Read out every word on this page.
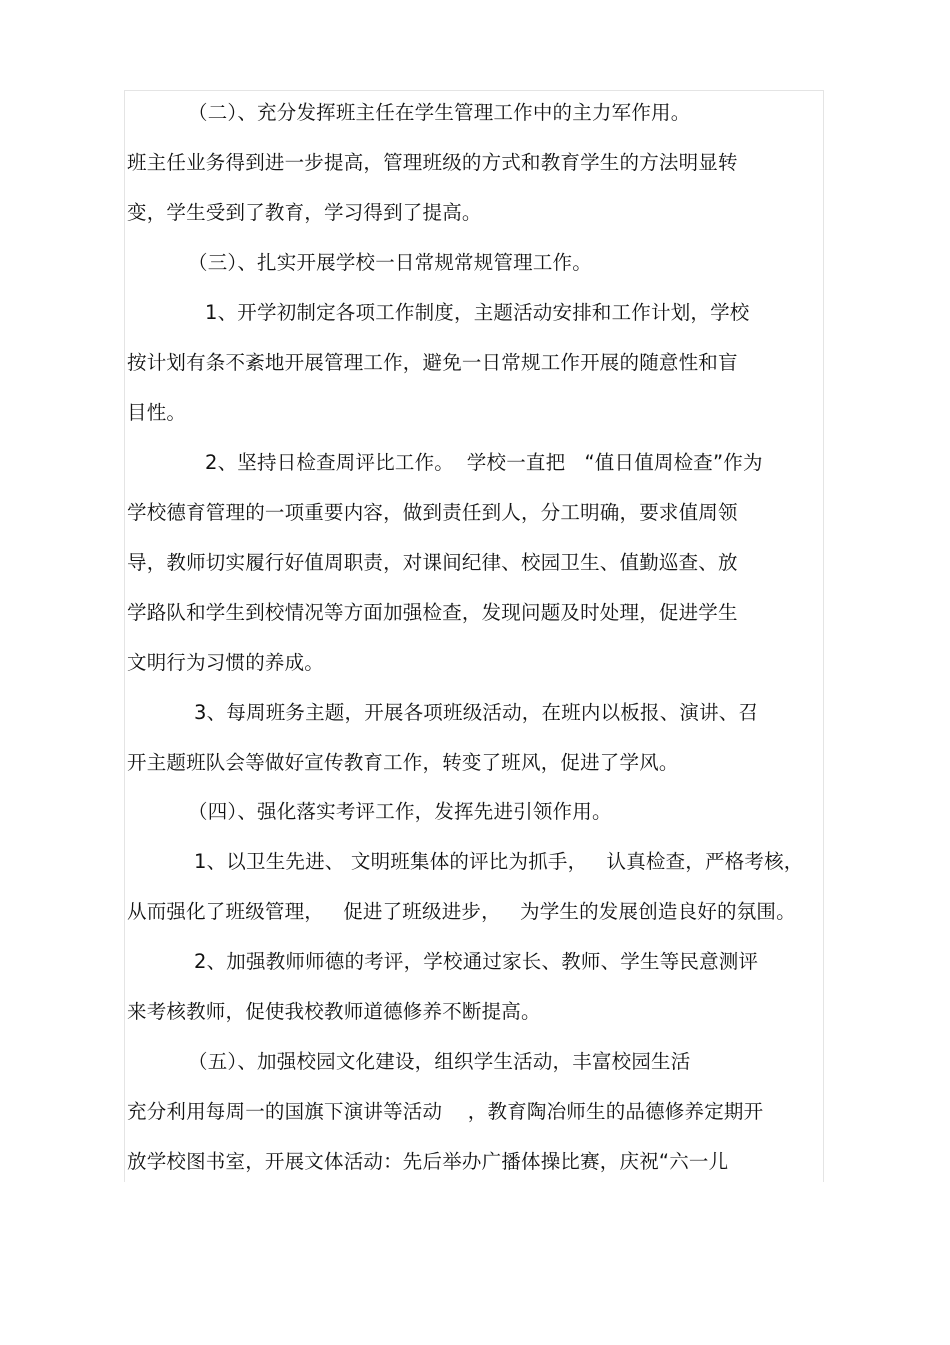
（二）、充分发挥班主任在学生管理工作中的主力军作用。
班主任业务得到进一步提高，管理班级的方式和教育学生的方法明显转
变，学生受到了教育，学习得到了提高。
（三）、扎实开展学校一日常规常规管理工作。
1、开学初制定各项工作制度，主题活动安排和工作计划，学校
按计划有条不紊地开展管理工作，避免一日常规工作开展的随意性和盲
目性。
2、坚持日检查周评比工作。  学校一直把   “值日值周检查”作为
学校德育管理的一项重要内容，做到责任到人，分工明确，要求值周领
导，教师切实履行好值周职责，对课间纪律、校园卫生、值勤巡查、放
学路队和学生到校情况等方面加强检查，发现问题及时处理，促进学生
文明行为习惯的养成。
3、每周班务主题，开展各项班级活动，在班内以板报、演讲、召
开主题班队会等做好宣传教育工作，转变了班风，促进了学风。
（四）、强化落实考评工作，发挥先进引领作用。
1、以卫生先进、 文明班集体的评比为抓手，   认真检查，严格考核，
从而强化了班级管理，   促进了班级进步，   为学生的发展创造良好的氛围。
2、加强教师师德的考评，学校通过家长、教师、学生等民意测评
来考核教师，促使我校教师道德修养不断提高。
（五）、加强校园文化建设，组织学生活动，丰富校园生活
充分利用每周一的国旗下演讲等活动    ，教育陶冶师生的品德修养定期开
放学校图书室，开展文体活动：先后举办广播体操比赛，庆祝“六一儿
